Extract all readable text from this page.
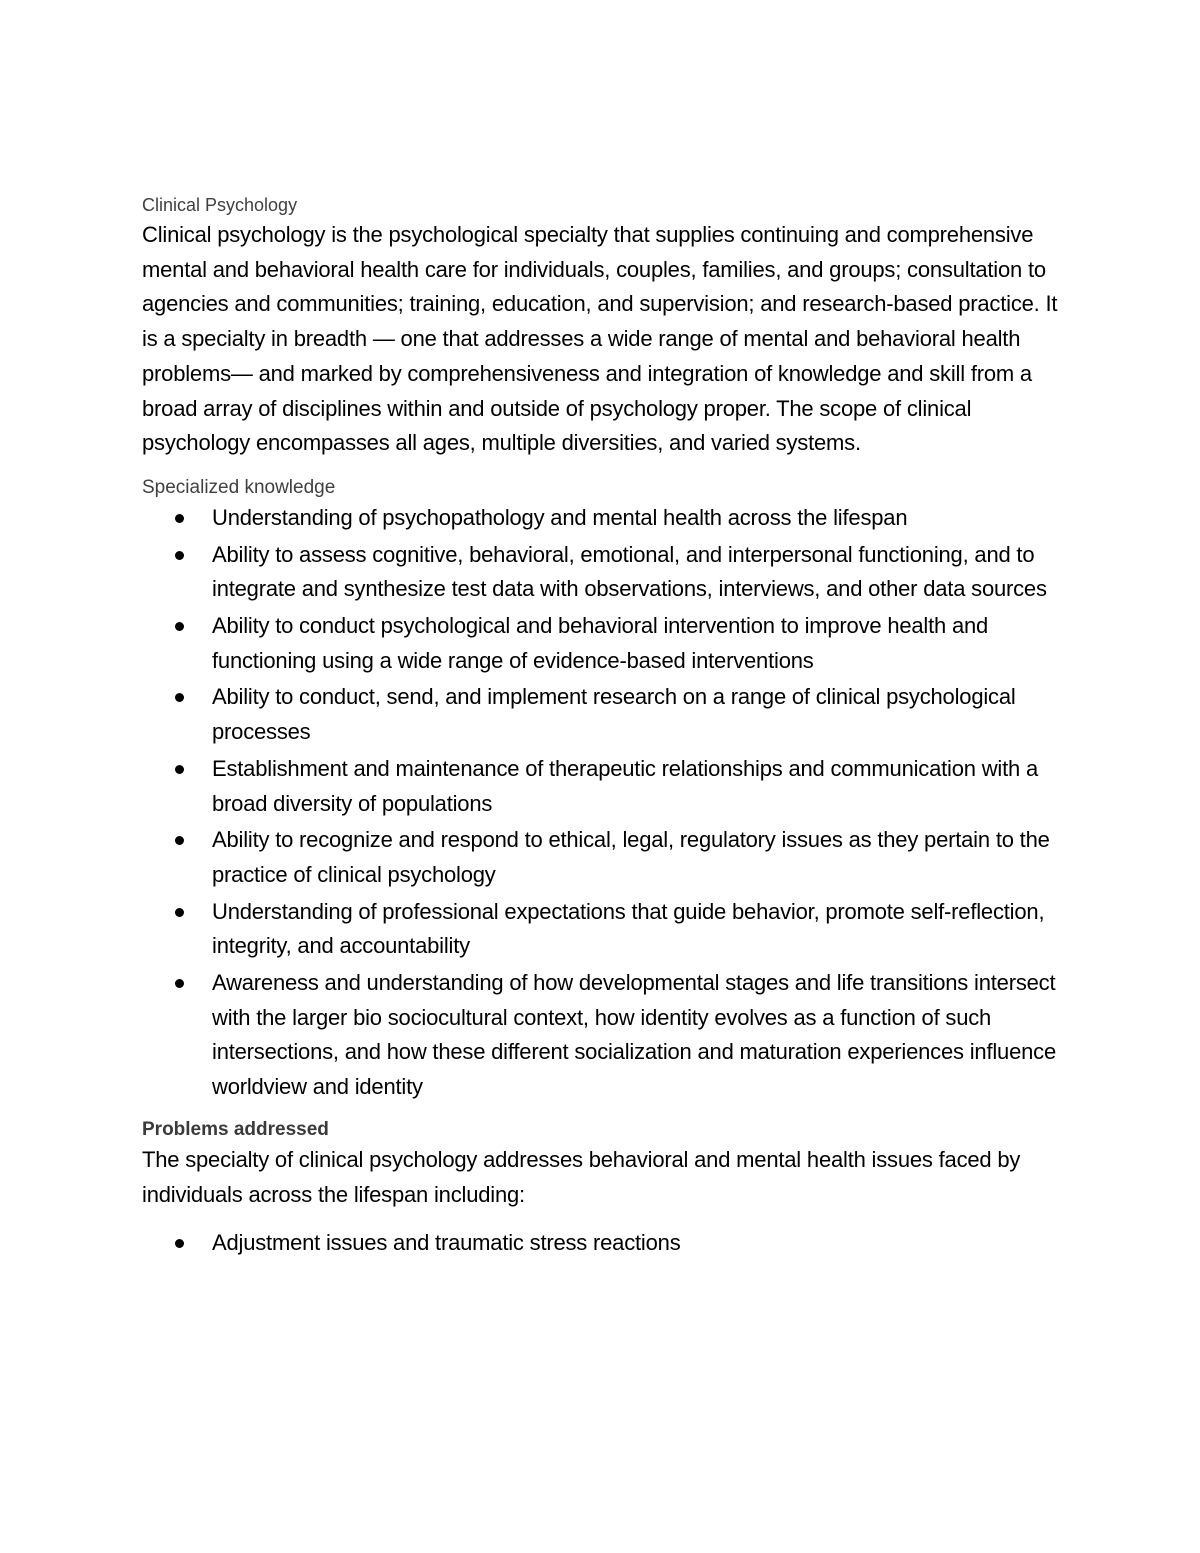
Clinical Psychology

Clinical psychology is the psychological specialty that supplies continuing and comprehensive mental and behavioral health care for individuals, couples, families, and groups; consultation to agencies and communities; training, education, and supervision; and research-based practice. It is a specialty in breadth — one that addresses a wide range of mental and behavioral health problems— and marked by comprehensiveness and integration of knowledge and skill from a broad array of disciplines within and outside of psychology proper. The scope of clinical psychology encompasses all ages, multiple diversities, and varied systems.

Specialized knowledge

Understanding of psychopathology and mental health across the lifespan
Ability to assess cognitive, behavioral, emotional, and interpersonal functioning, and to integrate and synthesize test data with observations, interviews, and other data sources
Ability to conduct psychological and behavioral intervention to improve health and functioning using a wide range of evidence-based interventions
Ability to conduct, send, and implement research on a range of clinical psychological processes
Establishment and maintenance of therapeutic relationships and communication with a broad diversity of populations
Ability to recognize and respond to ethical, legal, regulatory issues as they pertain to the practice of clinical psychology
Understanding of professional expectations that guide behavior, promote self-reflection, integrity, and accountability
Awareness and understanding of how developmental stages and life transitions intersect with the larger bio sociocultural context, how identity evolves as a function of such intersections, and how these different socialization and maturation experiences influence worldview and identity

Problems addressed

The specialty of clinical psychology addresses behavioral and mental health issues faced by individuals across the lifespan including:

Adjustment issues and traumatic stress reactions
